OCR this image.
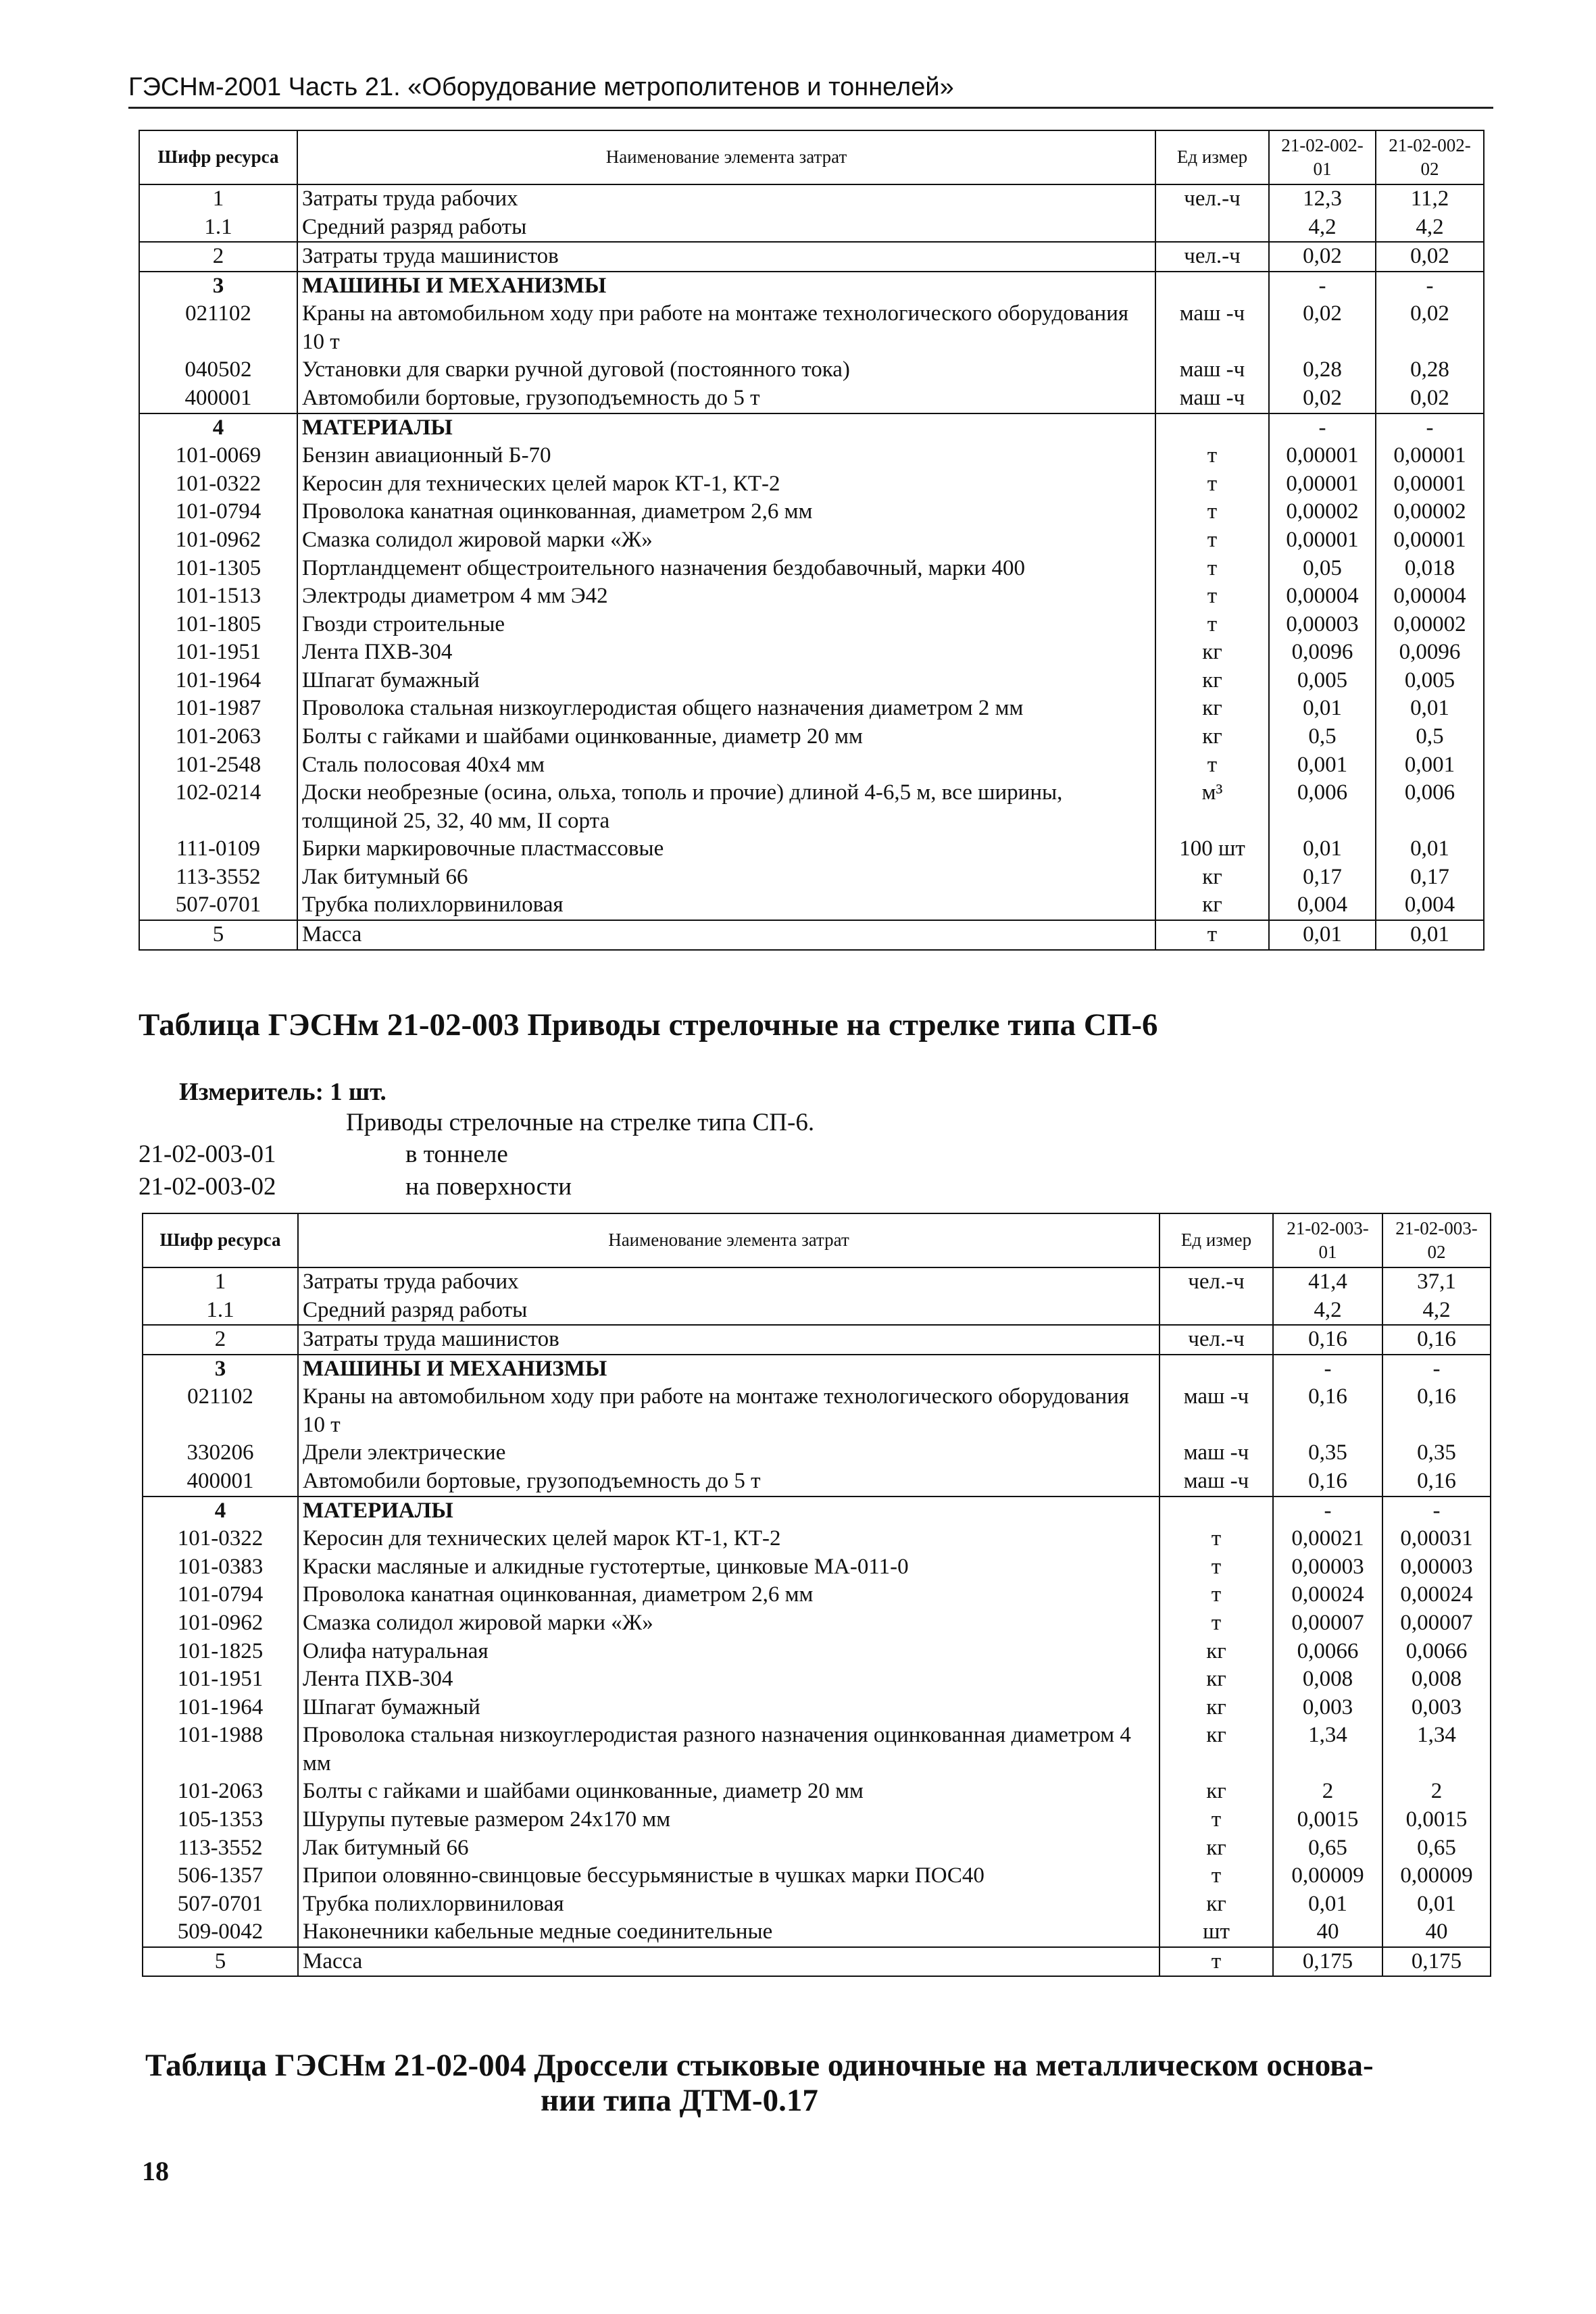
ГЭСНм-2001 Часть 21. «Оборудование метрополитенов и тоннелей»
Шифр ресурса	Наименование элемента затрат	Ед измер	21-02-002-01	21-02-002-02
1	Затраты труда рабочих	чел.-ч	12,3	11,2
1.1	Средний разряд работы		4,2	4,2
2	Затраты труда машинистов	чел.-ч	0,02	0,02
3	МАШИНЫ И МЕХАНИЗМЫ		-	-
021102	Краны на автомобильном ходу при работе на монтаже технологического оборудования 10 т	маш -ч	0,02	0,02
040502	Установки для сварки ручной дуговой (постоянного тока)	маш -ч	0,28	0,28
400001	Автомобили бортовые, грузоподъемность до 5 т	маш -ч	0,02	0,02
4	МАТЕРИАЛЫ		-	-
101-0069	Бензин авиационный Б-70	т	0,00001	0,00001
101-0322	Керосин для технических целей марок КТ-1, КТ-2	т	0,00001	0,00001
101-0794	Проволока канатная оцинкованная, диаметром 2,6 мм	т	0,00002	0,00002
101-0962	Смазка солидол жировой марки «Ж»	т	0,00001	0,00001
101-1305	Портландцемент общестроительного назначения бездобавочный, марки 400	т	0,05	0,018
101-1513	Электроды диаметром 4 мм Э42	т	0,00004	0,00004
101-1805	Гвозди строительные	т	0,00003	0,00002
101-1951	Лента ПХВ-304	кг	0,0096	0,0096
101-1964	Шпагат бумажный	кг	0,005	0,005
101-1987	Проволока стальная низкоуглеродистая общего назначения диаметром 2 мм	кг	0,01	0,01
101-2063	Болты с гайками и шайбами оцинкованные, диаметр 20 мм	кг	0,5	0,5
101-2548	Сталь полосовая 40х4 мм	т	0,001	0,001
102-0214	Доски необрезные (осина, ольха, тополь и прочие) длиной 4-6,5 м, все ширины, толщиной 25, 32, 40 мм, II сорта	м³	0,006	0,006
111-0109	Бирки маркировочные пластмассовые	100 шт	0,01	0,01
113-3552	Лак битумный 66	кг	0,17	0,17
507-0701	Трубка полихлорвиниловая	кг	0,004	0,004
5	Масса	т	0,01	0,01
Таблица ГЭСНм 21-02-003 Приводы стрелочные на стрелке типа СП-6
Измеритель: 1 шт.
Приводы стрелочные на стрелке типа СП-6.
21-02-003-01	в тоннеле
21-02-003-02	на поверхности
Шифр ресурса	Наименование элемента затрат	Ед измер	21-02-003-01	21-02-003-02
1	Затраты труда рабочих	чел.-ч	41,4	37,1
1.1	Средний разряд работы		4,2	4,2
2	Затраты труда машинистов	чел.-ч	0,16	0,16
3	МАШИНЫ И МЕХАНИЗМЫ		-	-
021102	Краны на автомобильном ходу при работе на монтаже технологического оборудования 10 т	маш -ч	0,16	0,16
330206	Дрели электрические	маш -ч	0,35	0,35
400001	Автомобили бортовые, грузоподъемность до 5 т	маш -ч	0,16	0,16
4	МАТЕРИАЛЫ		-	-
101-0322	Керосин для технических целей марок КТ-1, КТ-2	т	0,00021	0,00031
101-0383	Краски масляные и алкидные густотертые, цинковые МА-011-0	т	0,00003	0,00003
101-0794	Проволока канатная оцинкованная, диаметром 2,6 мм	т	0,00024	0,00024
101-0962	Смазка солидол жировой марки «Ж»	т	0,00007	0,00007
101-1825	Олифа натуральная	кг	0,0066	0,0066
101-1951	Лента ПХВ-304	кг	0,008	0,008
101-1964	Шпагат бумажный	кг	0,003	0,003
101-1988	Проволока стальная низкоуглеродистая разного назначения оцинкованная диаметром 4 мм	кг	1,34	1,34
101-2063	Болты с гайками и шайбами оцинкованные, диаметр 20 мм	кг	2	2
105-1353	Шурупы путевые размером 24х170 мм	т	0,0015	0,0015
113-3552	Лак битумный 66	кг	0,65	0,65
506-1357	Припои оловянно-свинцовые бессурьмянистые в чушках марки ПОС40	т	0,00009	0,00009
507-0701	Трубка полихлорвиниловая	кг	0,01	0,01
509-0042	Наконечники кабельные медные соединительные	шт	40	40
5	Масса	т	0,175	0,175
Таблица ГЭСНм 21-02-004 Дроссели стыковые одиночные на металлическом основа-
нии типа ДТМ-0.17
18
